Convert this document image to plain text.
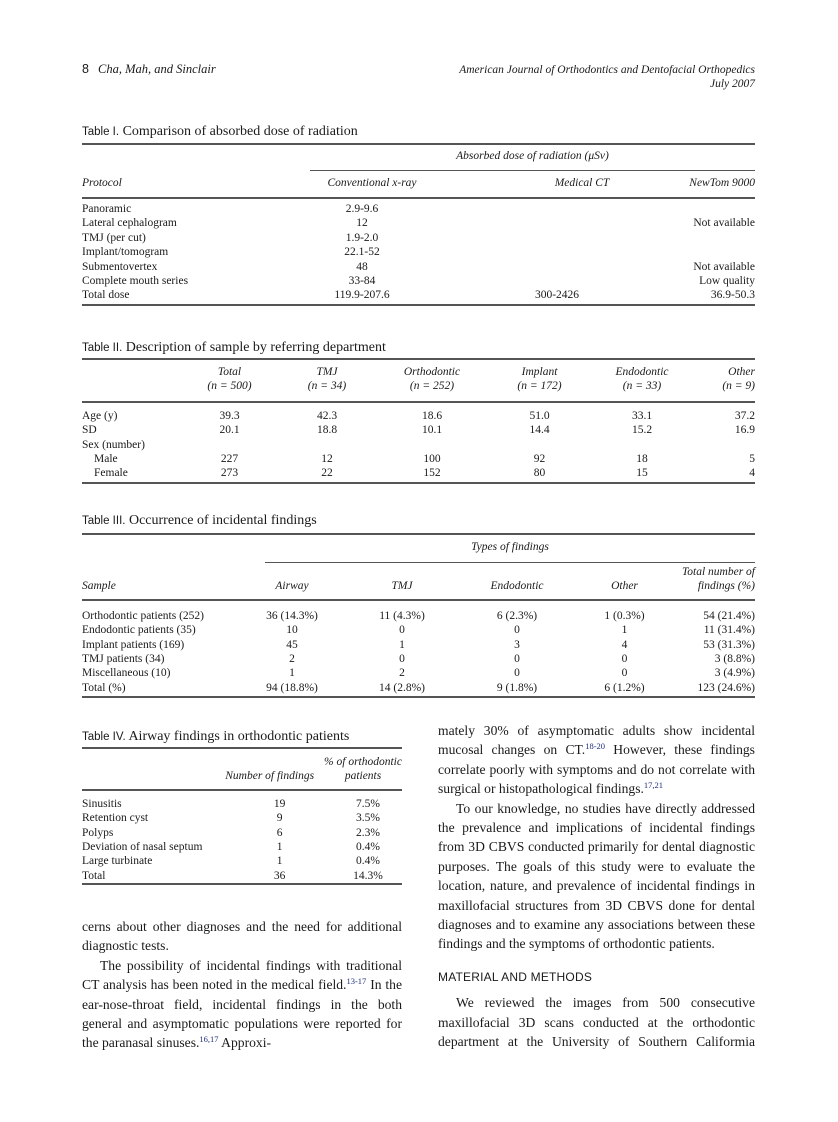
8 Cha, Mah, and Sinclair	American Journal of Orthodontics and Dentofacial Orthopedics
July 2007
Table I. Comparison of absorbed dose of radiation
Absorbed dose of radiation (μSv)
Protocol	Conventional x-ray	Medical CT	NewTom 9000
Panoramic	2.9-9.6		
Lateral cephalogram	12		Not available
TMJ (per cut)	1.9-2.0		
Implant/tomogram	22.1-52		
Submentovertex	48		Not available
Complete mouth series	33-84		Low quality
Total dose	119.9-207.6	300-2426	36.9-50.3
Table II. Description of sample by referring department
	Total	TMJ	Orthodontic	Implant	Endodontic	Other
	(n = 500)	(n = 34)	(n = 252)	(n = 172)	(n = 33)	(n = 9)

Age (y)	39.3	42.3	18.6	51.0	33.1	37.2
SD	20.1	18.8	10.1	14.4	15.2	16.9
Sex (number)						
Male	227	12	100	92	18	5
Female	273	22	152	80	15	4
Table III. Occurrence of incidental findings
Types of findings
					Total number of
Sample	Airway	TMJ	Endodontic	Other	findings (%)

Orthodontic patients (252)	36 (14.3%)	11 (4.3%)	6 (2.3%)	1 (0.3%)	54 (21.4%)
Endodontic patients (35)	10	0	0	1	11 (31.4%)
Implant patients (169)	45	1	3	4	53 (31.3%)
TMJ patients (34)	2	0	0	0	3 (8.8%)
Miscellaneous (10)	1	2	0	0	3 (4.9%)
Total (%)	94 (18.8%)	14 (2.8%)	9 (1.8%)	6 (1.2%)	123 (24.6%)
Table IV. Airway findings in orthodontic patients
		% of orthodontic
	Number of findings	patients

Sinusitis	19	7.5%
Retention cyst	9	3.5%
Polyps	6	2.3%
Deviation of nasal septum	1	0.4%
Large turbinate	1	0.4%
Total	36	14.3%

cerns about other diagnoses and the need for additional diagnostic tests.

The possibility of incidental findings with traditional CT analysis has been noted in the medical field.$^{13-17}$ In the ear-nose-throat field, incidental findings in the both general and asymptomatic populations were reported for the paranasal sinuses.$^{16,17}$ Approxi-

mately 30% of asymptomatic adults show incidental mucosal changes on CT.$^{18-20}$ However, these findings correlate poorly with symptoms and do not correlate with surgical or histopathological findings.$^{17,21}$

To our knowledge, no studies have directly addressed the prevalence and implications of incidental findings from 3D CBVS conducted primarily for dental diagnostic purposes. The goals of this study were to evaluate the location, nature, and prevalence of incidental findings in maxillofacial structures from 3D CBVS done for dental diagnoses and to examine any associations between these findings and the symptoms of orthodontic patients.

MATERIAL AND METHODS

We reviewed the images from 500 consecutive maxillofacial 3D scans conducted at the orthodontic department at the University of Southern Califormia
